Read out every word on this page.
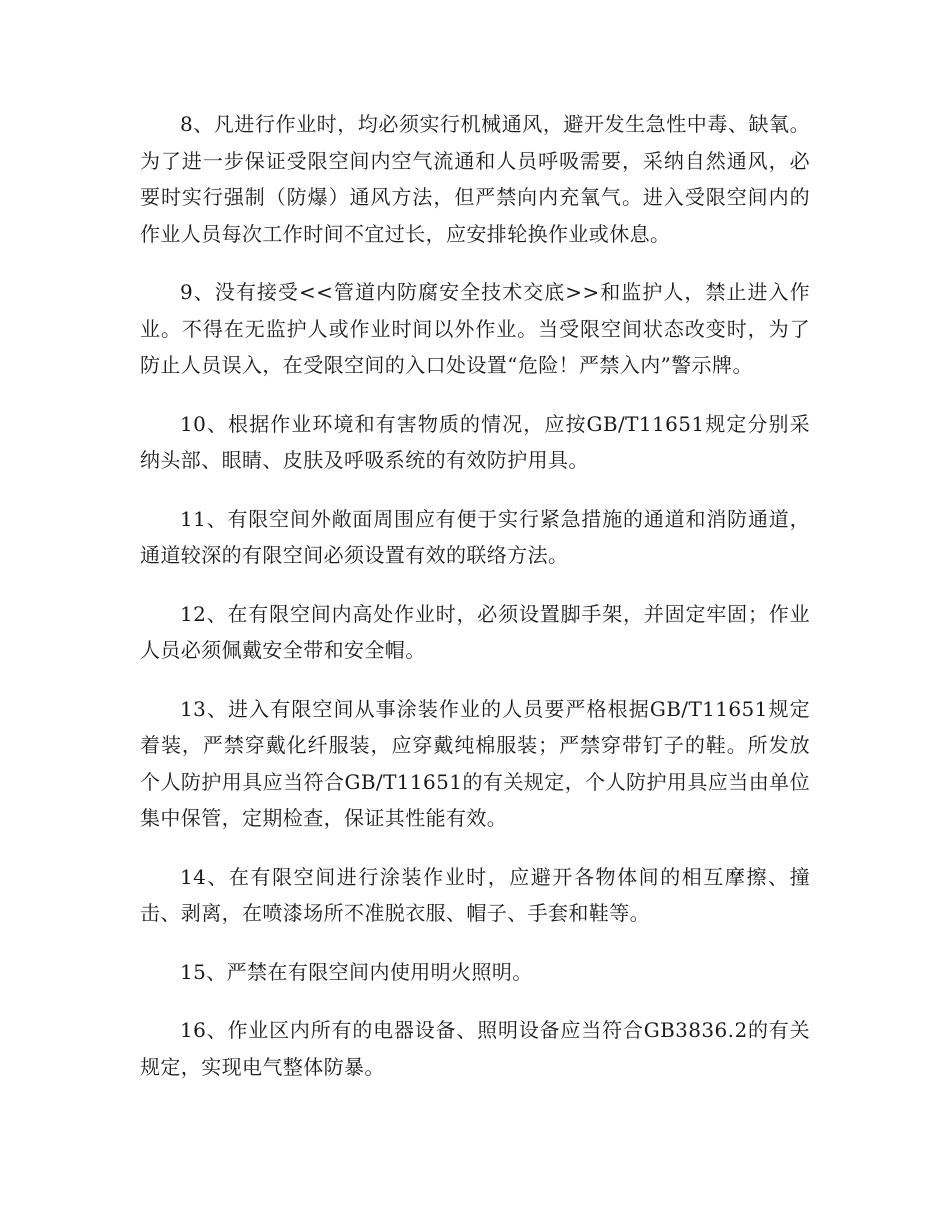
8、凡进行作业时，均必须实行机械通风，避开发生急性中毒、缺氧。为了进一步保证受限空间内空气流通和人员呼吸需要，采纳自然通风，必要时实行强制（防爆）通风方法，但严禁向内充氧气。进入受限空间内的作业人员每次工作时间不宜过长，应安排轮换作业或休息。

9、没有接受<<管道内防腐安全技术交底>>和监护人，禁止进入作业。不得在无监护人或作业时间以外作业。当受限空间状态改变时，为了防止人员误入，在受限空间的入口处设置“危险！严禁入内”警示牌。

10、根据作业环境和有害物质的情况，应按GB/T11651规定分别采纳头部、眼睛、皮肤及呼吸系统的有效防护用具。

11、有限空间外敞面周围应有便于实行紧急措施的通道和消防通道，通道较深的有限空间必须设置有效的联络方法。

12、在有限空间内高处作业时，必须设置脚手架，并固定牢固；作业人员必须佩戴安全带和安全帽。

13、进入有限空间从事涂装作业的人员要严格根据GB/T11651规定着装，严禁穿戴化纤服装，应穿戴纯棉服装；严禁穿带钉子的鞋。所发放个人防护用具应当符合GB/T11651的有关规定，个人防护用具应当由单位集中保管，定期检查，保证其性能有效。

14、在有限空间进行涂装作业时，应避开各物体间的相互摩擦、撞击、剥离，在喷漆场所不准脱衣服、帽子、手套和鞋等。

15、严禁在有限空间内使用明火照明。

16、作业区内所有的电器设备、照明设备应当符合GB3836.2的有关规定，实现电气整体防暴。
